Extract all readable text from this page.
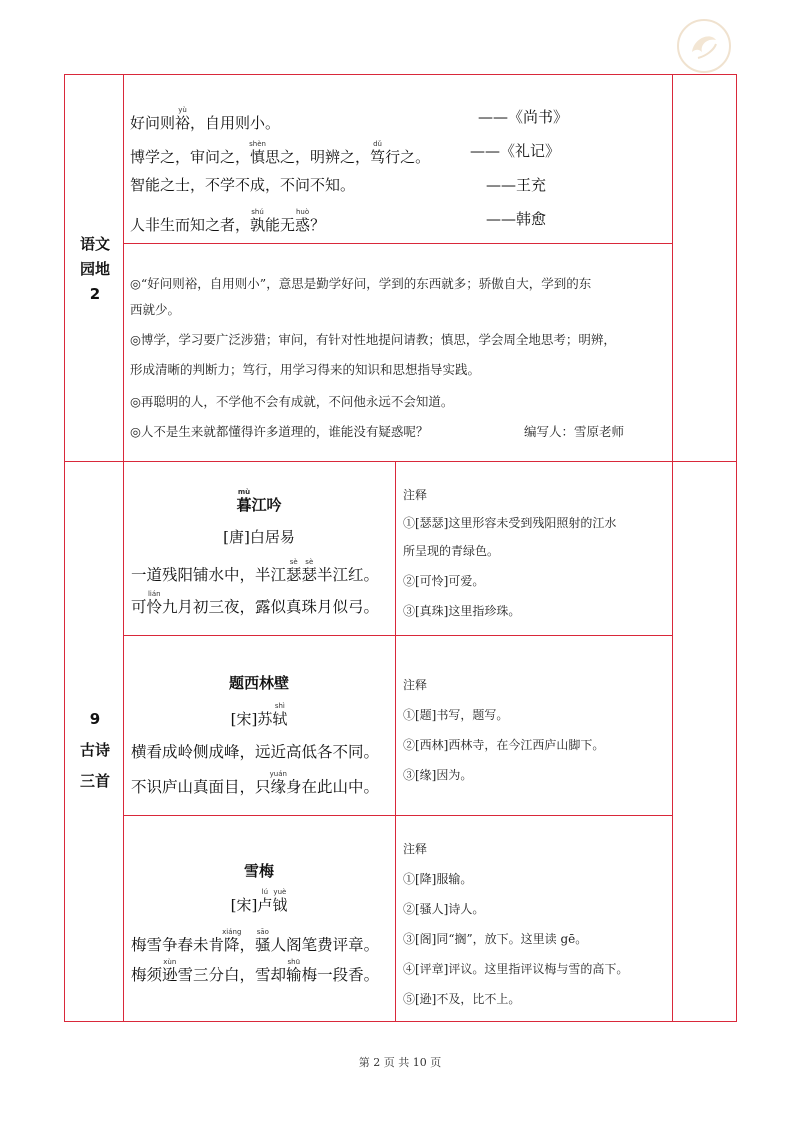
语文
园地
2
好问则裕yù，自用则小。
博学之，审问之，慎shèn思之，明辨之，笃dǔ行之。
智能之士，不学不成，不问不知。
人非生而知之者，孰shú能无惑huò？
——《尚书》
——《礼记》
——王充
——韩愈
◎“好问则裕，自用则小”，意思是勤学好问，学到的东西就多；骄傲自大，学到的东
西就少。
◎博学，学习要广泛涉猎；审问，有针对性地提问请教；慎思，学会周全地思考；明辨，
形成清晰的判断力；笃行，用学习得来的知识和思想指导实践。
◎再聪明的人，不学他不会有成就，不问他永远不会知道。
◎人不是生来就都懂得许多道理的，谁能没有疑惑呢？	编写人：雪原老师
9
古诗
三首
暮mù江吟
[唐]白居易
一道残阳铺水中，半江瑟sè瑟sè半江红。
可怜lián九月初三夜，露似真珠月似弓。
注释
①[瑟瑟]这里形容未受到残阳照射的江水
所呈现的青绿色。
②[可怜]可爱。
③[真珠]这里指珍珠。
题西林壁
[宋]苏轼shì
横看成岭侧成峰，远近高低各不同。
不识庐山真面目，只缘yuán身在此山中。
注释
①[题]书写，题写。
②[西林]西林寺，在今江西庐山脚下。
③[缘]因为。
雪梅
[宋]卢lú钺yuè
梅雪争春未肯降xiáng，骚sāo人阁笔费评章。
梅须逊xùn雪三分白，雪却输shū梅一段香。
注释
①[降]服输。
②[骚人]诗人。
③[阁]同“搁”，放下。这里读 gē。
④[评章]评议。这里指评议梅与雪的高下。
⑤[逊]不及，比不上。
第 2 页 共 10 页
